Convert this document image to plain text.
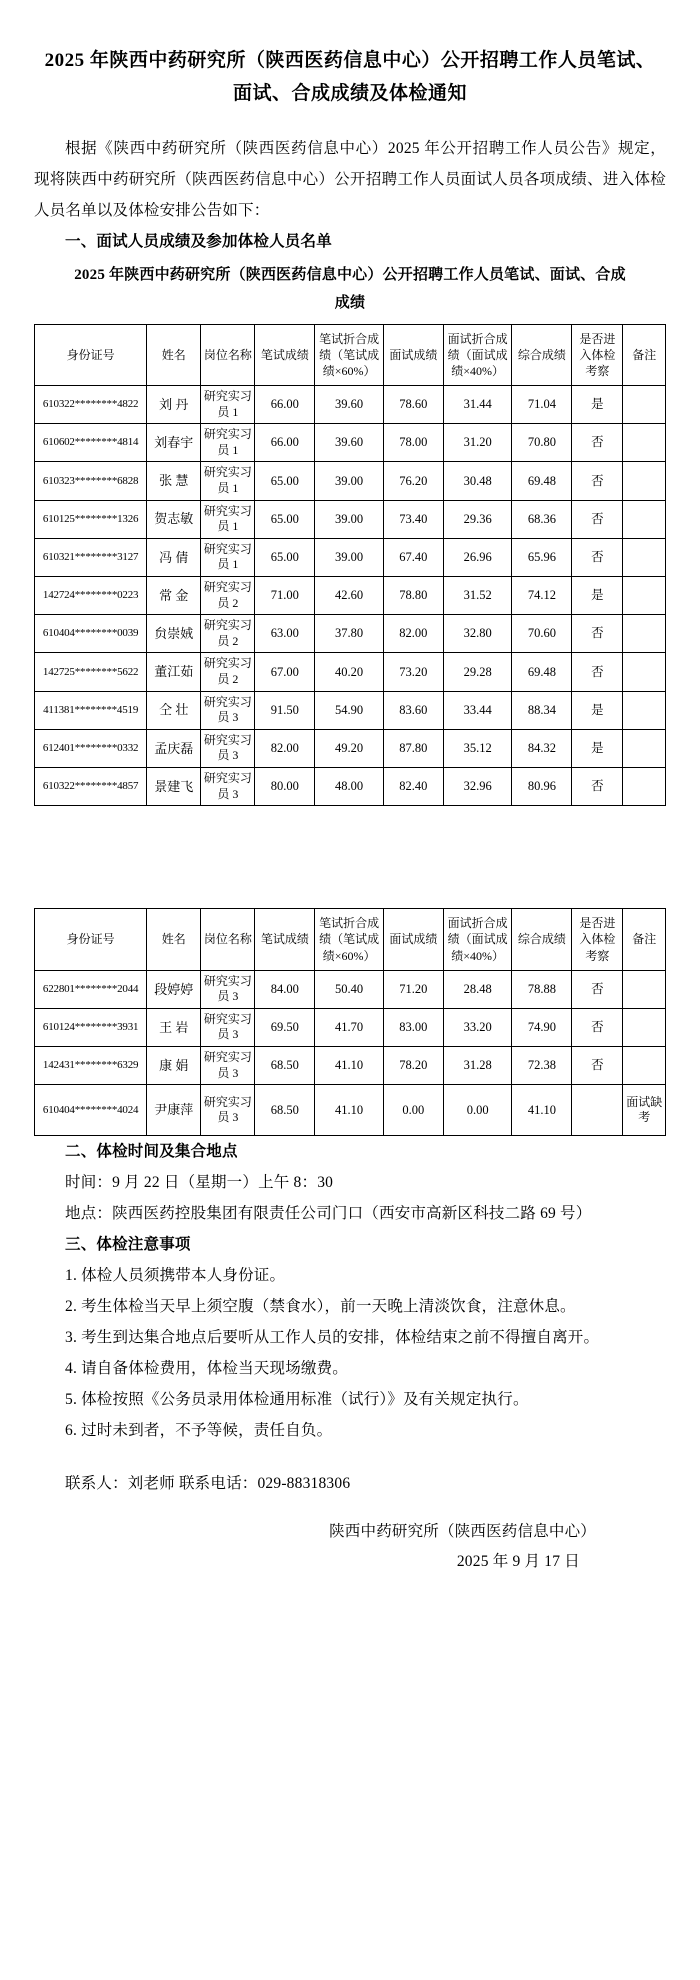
2025 年陕西中药研究所（陕西医药信息中心）公开招聘工作人员笔试、面试、合成成绩及体检通知

根据《陕西中药研究所（陕西医药信息中心）2025 年公开招聘工作人员公告》规定，现将陕西中药研究所（陕西医药信息中心）公开招聘工作人员面试人员各项成绩、进入体检人员名单以及体检安排公告如下：

一、面试人员成绩及参加体检人员名单

2025 年陕西中药研究所（陕西医药信息中心）公开招聘工作人员笔试、面试、合成成绩

身份证号	姓名	岗位名称	笔试成绩	笔试折合成绩（笔试成绩×60%）	面试成绩	面试折合成绩（面试成绩×40%）	综合成绩	是否进入体检考察	备注
610322********4822	刘 丹	研究实习员 1	66.00	39.60	78.60	31.44	71.04	是	
610602********4814	刘春宇	研究实习员 1	66.00	39.60	78.00	31.20	70.80	否	
610323********6828	张 慧	研究实习员 1	65.00	39.00	76.20	30.48	69.48	否	
610125********1326	贺志敏	研究实习员 1	65.00	39.00	73.40	29.36	68.36	否	
610321********3127	冯 倩	研究实习员 1	65.00	39.00	67.40	26.96	65.96	否	
142724********0223	常 金	研究实习员 2	71.00	42.60	78.80	31.52	74.12	是	
610404********0039	贠崇娀	研究实习员 2	63.00	37.80	82.00	32.80	70.60	否	
142725********5622	董江茹	研究实习员 2	67.00	40.20	73.20	29.28	69.48	否	
411381********4519	仝 壮	研究实习员 3	91.50	54.90	83.60	33.44	88.34	是	
612401********0332	孟庆磊	研究实习员 3	82.00	49.20	87.80	35.12	84.32	是	
610322********4857	景建飞	研究实习员 3	80.00	48.00	82.40	32.96	80.96	否	
身份证号	姓名	岗位名称	笔试成绩	笔试折合成绩（笔试成绩×60%）	面试成绩	面试折合成绩（面试成绩×40%）	综合成绩	是否进入体检考察	备注
622801********2044	段婷婷	研究实习员 3	84.00	50.40	71.20	28.48	78.88	否	
610124********3931	王 岩	研究实习员 3	69.50	41.70	83.00	33.20	74.90	否	
142431********6329	康 娟	研究实习员 3	68.50	41.10	78.20	31.28	72.38	否	
610404********4024	尹康萍	研究实习员 3	68.50	41.10	0.00	0.00	41.10		面试缺考

二、体检时间及集合地点

时间：9 月 22 日（星期一）上午 8：30

地点：陕西医药控股集团有限责任公司门口（西安市高新区科技二路 69 号）

三、体检注意事项

1. 体检人员须携带本人身份证。

2. 考生体检当天早上须空腹（禁食水），前一天晚上清淡饮食，注意休息。

3. 考生到达集合地点后要听从工作人员的安排，体检结束之前不得擅自离开。

4. 请自备体检费用，体检当天现场缴费。

5. 体检按照《公务员录用体检通用标准（试行）》及有关规定执行。

6. 过时未到者，不予等候，责任自负。

联系人：刘老师 联系电话：029-88318306

陕西中药研究所（陕西医药信息中心）
2025 年 9 月 17 日
